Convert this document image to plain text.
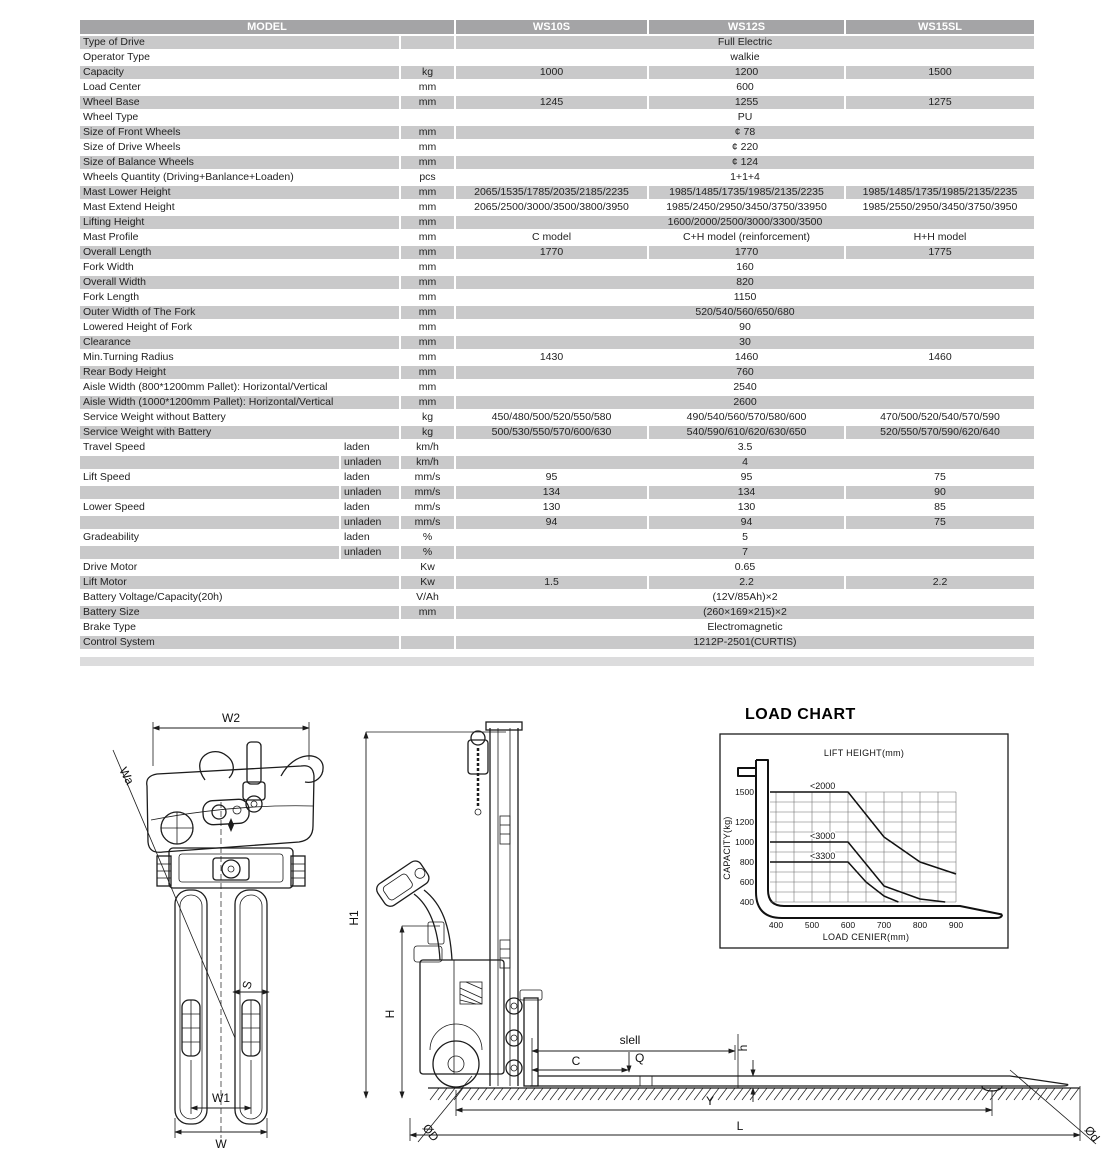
MODEL			WS10S	WS12S	WS15SL
Type of Drive			Full Electric		
Operator Type			walkie		
Capacity		kg	1000	1200	1500
Load Center		mm	600		
Wheel Base		mm	1245	1255	1275
Wheel Type			PU		
Size of Front Wheels		mm	¢ 78		
Size of Drive Wheels		mm	¢ 220		
Size of Balance Wheels		mm	¢ 124		
Wheels Quantity (Driving+Banlance+Loaden)		pcs	1+1+4		
Mast Lower Height		mm	2065/1535/1785/2035/2185/2235	1985/1485/1735/1985/2135/2235	1985/1485/1735/1985/2135/2235
Mast Extend Height		mm	2065/2500/3000/3500/3800/3950	1985/2450/2950/3450/3750/33950	1985/2550/2950/3450/3750/3950
Lifting Height		mm	1600/2000/2500/3000/3300/3500		
Mast Profile		mm	C model	C+H model (reinforcement)	H+H model
Overall Length		mm	1770	1770	1775
Fork Width		mm	160		
Overall Width		mm	820		
Fork Length		mm	1150		
Outer Width of The Fork		mm	520/540/560/650/680		
Lowered Height of Fork		mm	90		
Clearance		mm	30		
Min.Turning Radius		mm	1430	1460	1460
Rear Body Height		mm	760		
Aisle Width (800*1200mm Pallet): Horizontal/Vertical		mm	2540		
Aisle Width (1000*1200mm Pallet): Horizontal/Vertical		mm	2600		
Service Weight without Battery		kg	450/480/500/520/550/580	490/540/560/570/580/600	470/500/520/540/570/590
Service Weight with Battery		kg	500/530/550/570/600/630	540/590/610/620/630/650	520/550/570/590/620/640
Travel Speed	laden	km/h	3.5		
	unladen	km/h	4		
Lift Speed	laden	mm/s	95	95	75
	unladen	mm/s	134	134	90
Lower Speed	laden	mm/s	130	130	85
	unladen	mm/s	94	94	75
Gradeability	laden	%	5		
	unladen	%	7		
Drive Motor		Kw	0.65		
Lift Motor		Kw	1.5	2.2	2.2
Battery Voltage/Capacity(20h)		V/Ah	(12V/85Ah)×2		
Battery Size		mm	(260×169×215)×2		
Brake Type			Electromagnetic		
Control System			1212P-2501(CURTIS)		
W2
Wa
S
W1
W
H1
H
slell
C	Q
h
Y
L
ØD	Ød
LOAD CHART
LIFT HEIGHT(mm)
CAPACITY(kg)
LOAD CENIER(mm)
1500
1200
1000
800
600
400
400	500	600	700	800	900
<2000
<3000
<3300
